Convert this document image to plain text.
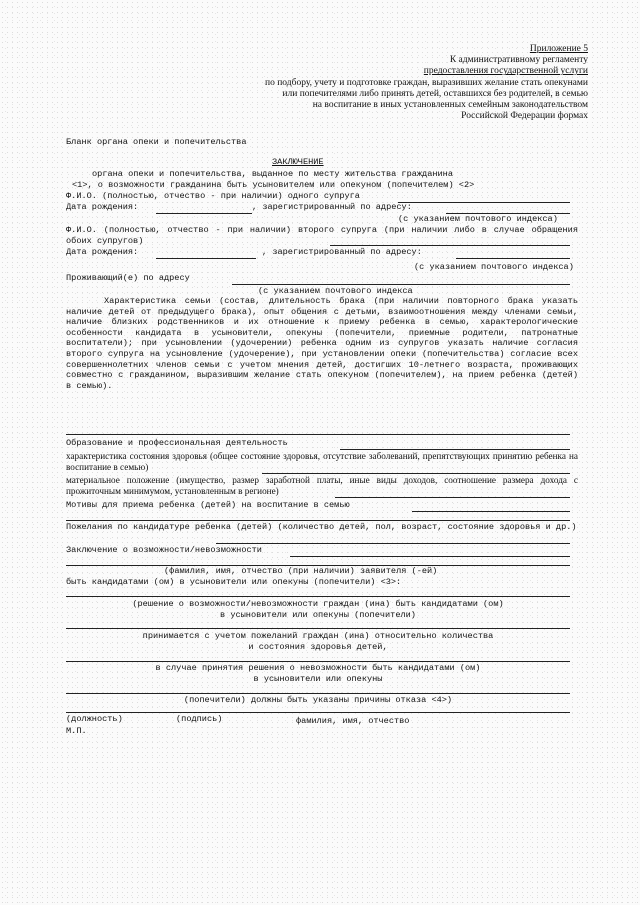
Приложение 5
К административному регламенту
предоставления государственной услуги
по подбору, учету и подготовке граждан, выразивших желание стать опекунами
или попечителями либо принять детей, оставшихся без родителей, в семью
на воспитание в иных установленных семейным законодательством
Российской Федерации формах
Бланк органа опеки и попечительства
ЗАКЛЮЧЕНИЕ
органа опеки и попечительства, выданное по месту жительства гражданина
<1>, о возможности гражданина быть усыновителем или опекуном (попечителем) <2>
Ф.И.О. (полностью, отчество - при наличии) одного супруга
Дата рождения:	, зарегистрированный по адресу:
(с указанием почтового индекса)
Ф.И.О. (полностью, отчество - при наличии) второго супруга (при наличии либо в случае обращения обоих супругов)
Дата рождения:	, зарегистрированный по адресу:
(с указанием почтового индекса)
Проживающий(е) по адресу
(с указанием почтового индекса
Характеристика семьи (состав, длительность брака (при наличии повторного брака указать наличие детей от предыдущего брака), опыт общения с детьми, взаимоотношения между членами семьи, наличие близких родственников и их отношение к приему ребенка в семью, характерологические особенности кандидата в усыновители, опекуны (попечители, приемные родители, патронатные воспитатели); при усыновлении (удочерении) ребенка одним из супругов указать наличие согласия второго супруга на усыновление (удочерение), при установлении опеки (попечительства) согласие всех совершеннолетних членов семьи с учетом мнения детей, достигших 10-летнего возраста, проживающих совместно с гражданином, выразившим желание стать опекуном (попечителем), на прием ребенка (детей) в семью).
Образование и профессиональная деятельность
характеристика состояния здоровья (общее состояние здоровья, отсутствие заболеваний, препятствующих принятию ребенка на воспитание в семью)
материальное положение (имущество, размер заработной платы, иные виды доходов, соотношение размера дохода с прожиточным минимумом, установленным в регионе)
Мотивы для приема ребенка (детей) на воспитание в семью
Пожелания по кандидатуре ребенка (детей) (количество детей, пол, возраст, состояние здоровья и др.)
Заключение о возможности/невозможности
(фамилия, имя, отчество (при наличии) заявителя (-ей)
быть кандидатами (ом) в усыновители или опекуны (попечители) <3>:
(решение о возможности/невозможности граждан (ина) быть кандидатами (ом)
в усыновители или опекуны (попечители)
принимается с учетом пожеланий граждан (ина) относительно количества
и состояния здоровья детей,
в случае принятия решения о невозможности быть кандидатами (ом)
в усыновители или опекуны
(попечители) должны быть указаны причины отказа <4>)
(должность)	(подпись)	фамилия, имя, отчество
М.П.
